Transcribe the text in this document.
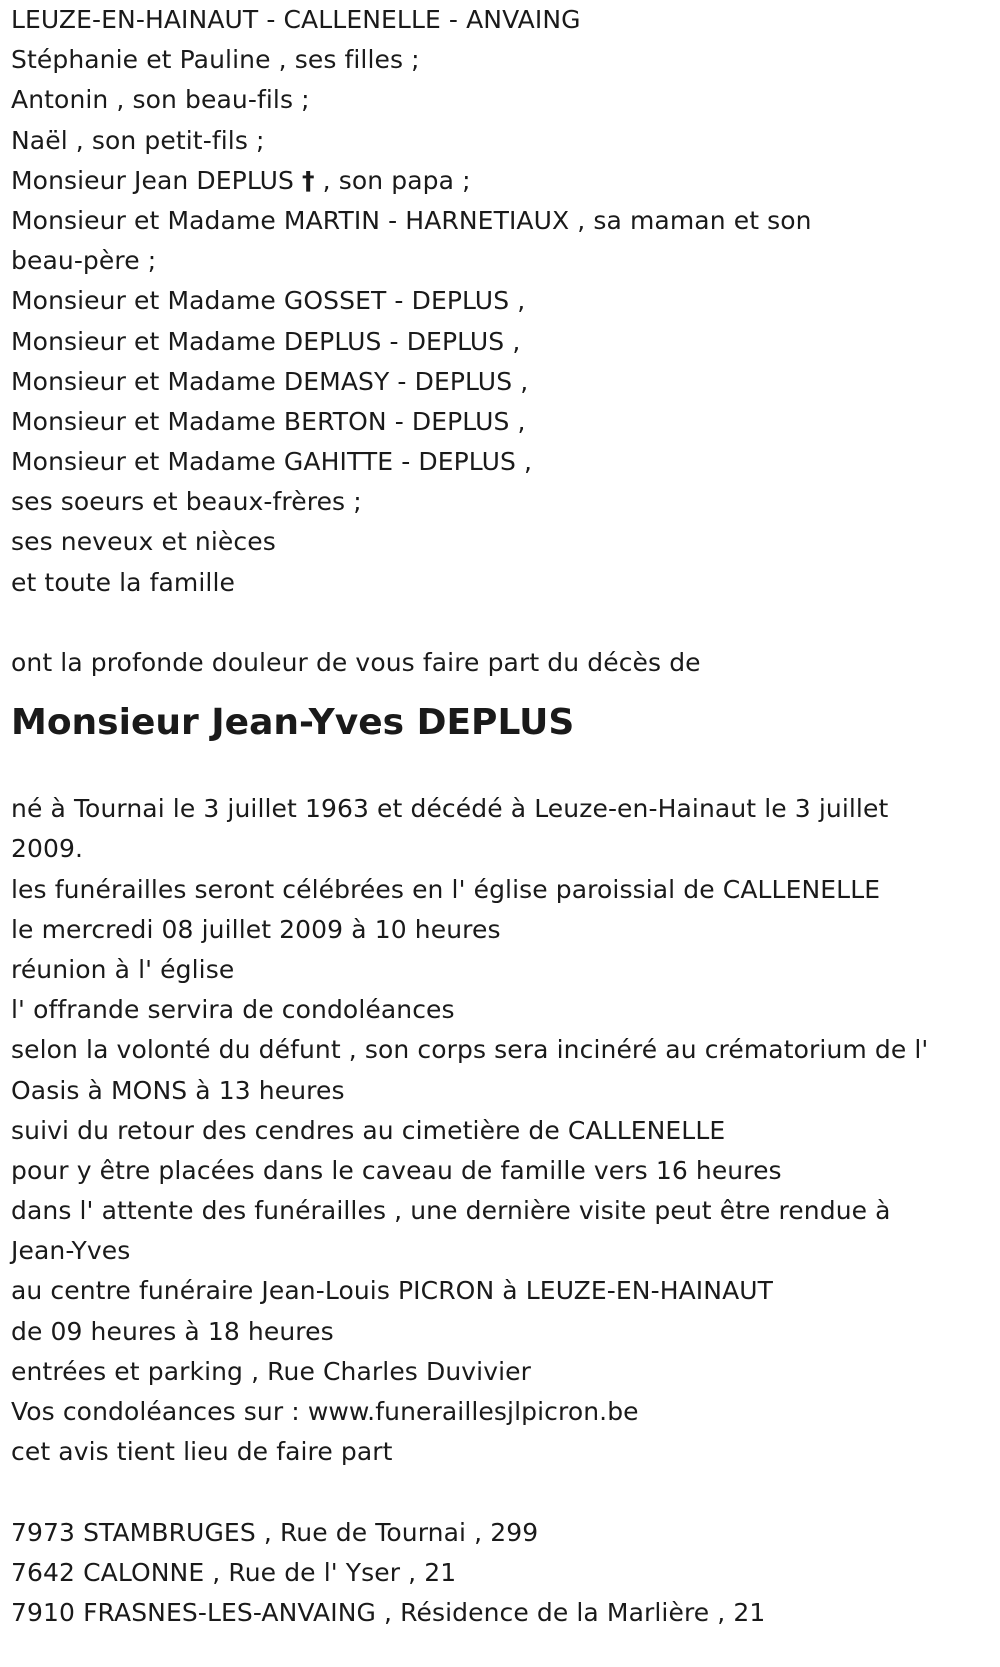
LEUZE-EN-HAINAUT - CALLENELLE - ANVAING
Stéphanie et Pauline , ses filles ;
Antonin , son beau-fils ;
Naël , son petit-fils ;
Monsieur Jean DEPLUS † , son papa ;
Monsieur et Madame MARTIN - HARNETIAUX , sa maman et son
beau-père ;
Monsieur et Madame GOSSET - DEPLUS ,
Monsieur et Madame DEPLUS - DEPLUS ,
Monsieur et Madame DEMASY - DEPLUS ,
Monsieur et Madame BERTON - DEPLUS ,
Monsieur et Madame GAHITTE - DEPLUS ,
ses soeurs et beaux-frères ;
ses neveux et nièces
et toute la famille
ont la profonde douleur de vous faire part du décès de
Monsieur Jean-Yves DEPLUS
né à Tournai le 3 juillet 1963 et décédé à Leuze-en-Hainaut le 3 juillet
2009.
les funérailles seront célébrées en l' église paroissial de CALLENELLE
le mercredi 08 juillet 2009 à 10 heures
réunion à l' église
l' offrande servira de condoléances
selon la volonté du défunt , son corps sera incinéré au crématorium de l'
Oasis à MONS à 13 heures
suivi du retour des cendres au cimetière de CALLENELLE
pour y être placées dans le caveau de famille vers 16 heures
dans l' attente des funérailles , une dernière visite peut être rendue à
Jean-Yves
au centre funéraire Jean-Louis PICRON à LEUZE-EN-HAINAUT
de 09 heures à 18 heures
entrées et parking , Rue Charles Duvivier
Vos condoléances sur : www.funeraillesjlpicron.be
cet avis tient lieu de faire part
7973 STAMBRUGES , Rue de Tournai , 299
7642 CALONNE , Rue de l' Yser , 21
7910 FRASNES-LES-ANVAING , Résidence de la Marlière , 21
